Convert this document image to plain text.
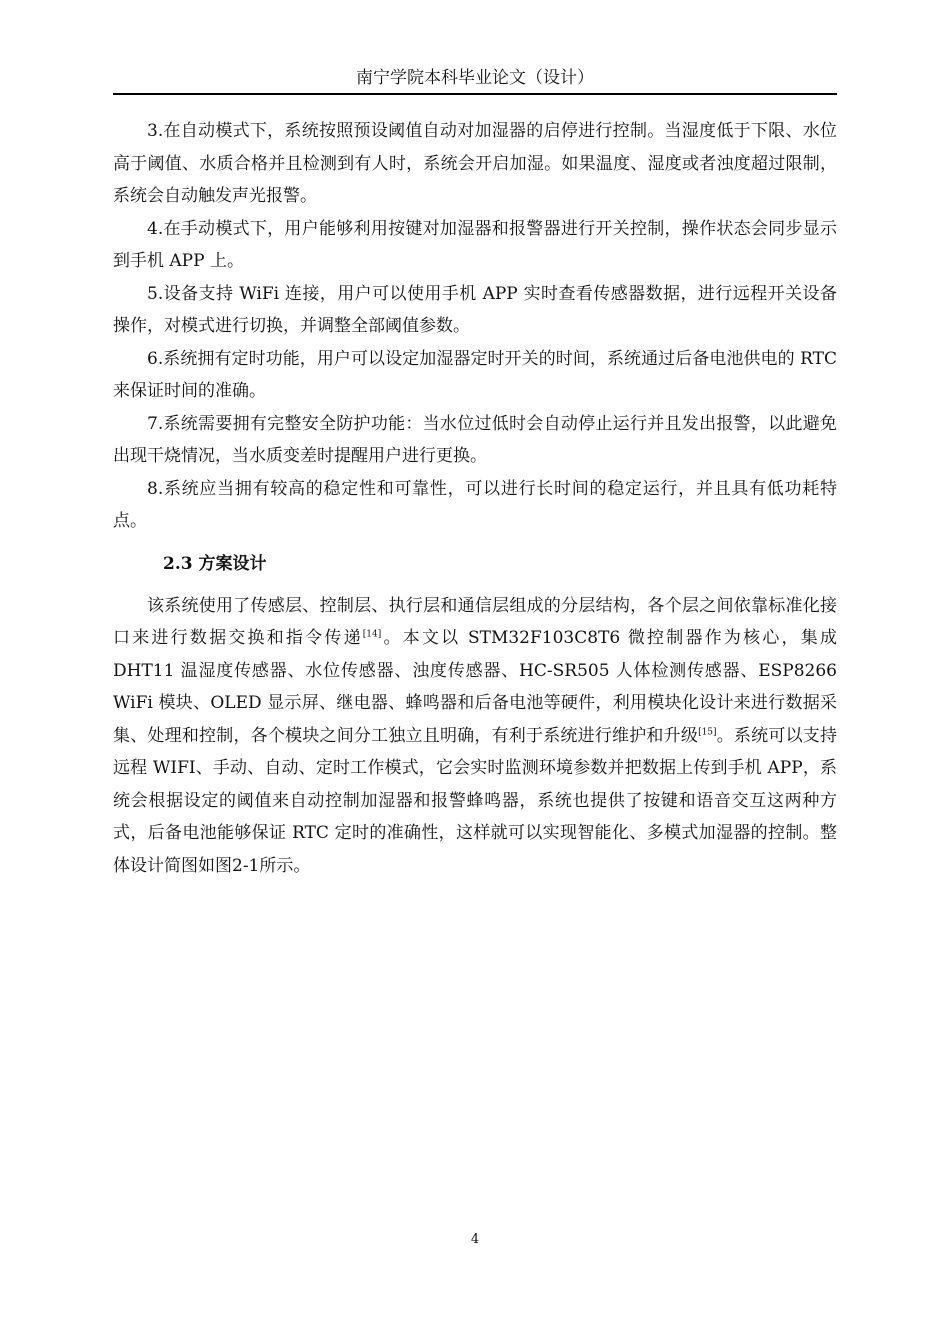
南宁学院本科毕业论文（设计）

3.在自动模式下，系统按照预设阈值自动对加湿器的启停进行控制。当湿度低于下限、水位高于阈值、水质合格并且检测到有人时，系统会开启加湿。如果温度、湿度或者浊度超过限制，系统会自动触发声光报警。

4.在手动模式下，用户能够利用按键对加湿器和报警器进行开关控制，操作状态会同步显示到手机 APP 上。

5.设备支持 WiFi 连接，用户可以使用手机 APP 实时查看传感器数据，进行远程开关设备操作，对模式进行切换，并调整全部阈值参数。

6.系统拥有定时功能，用户可以设定加湿器定时开关的时间，系统通过后备电池供电的 RTC 来保证时间的准确。

7.系统需要拥有完整安全防护功能：当水位过低时会自动停止运行并且发出报警，以此避免出现干烧情况，当水质变差时提醒用户进行更换。

8.系统应当拥有较高的稳定性和可靠性，可以进行长时间的稳定运行，并且具有低功耗特点。

2.3 方案设计

该系统使用了传感层、控制层、执行层和通信层组成的分层结构，各个层之间依靠标准化接口来进行数据交换和指令传递[14]。本文以 STM32F103C8T6 微控制器作为核心，集成 DHT11 温湿度传感器、水位传感器、浊度传感器、HC-SR505 人体检测传感器、ESP8266 WiFi 模块、OLED 显示屏、继电器、蜂鸣器和后备电池等硬件，利用模块化设计来进行数据采集、处理和控制，各个模块之间分工独立且明确，有利于系统进行维护和升级[15]。系统可以支持远程 WIFI、手动、自动、定时工作模式，它会实时监测环境参数并把数据上传到手机 APP，系统会根据设定的阈值来自动控制加湿器和报警蜂鸣器，系统也提供了按键和语音交互这两种方式，后备电池能够保证 RTC 定时的准确性，这样就可以实现智能化、多模式加湿器的控制。整体设计简图如图2-1所示。

4
